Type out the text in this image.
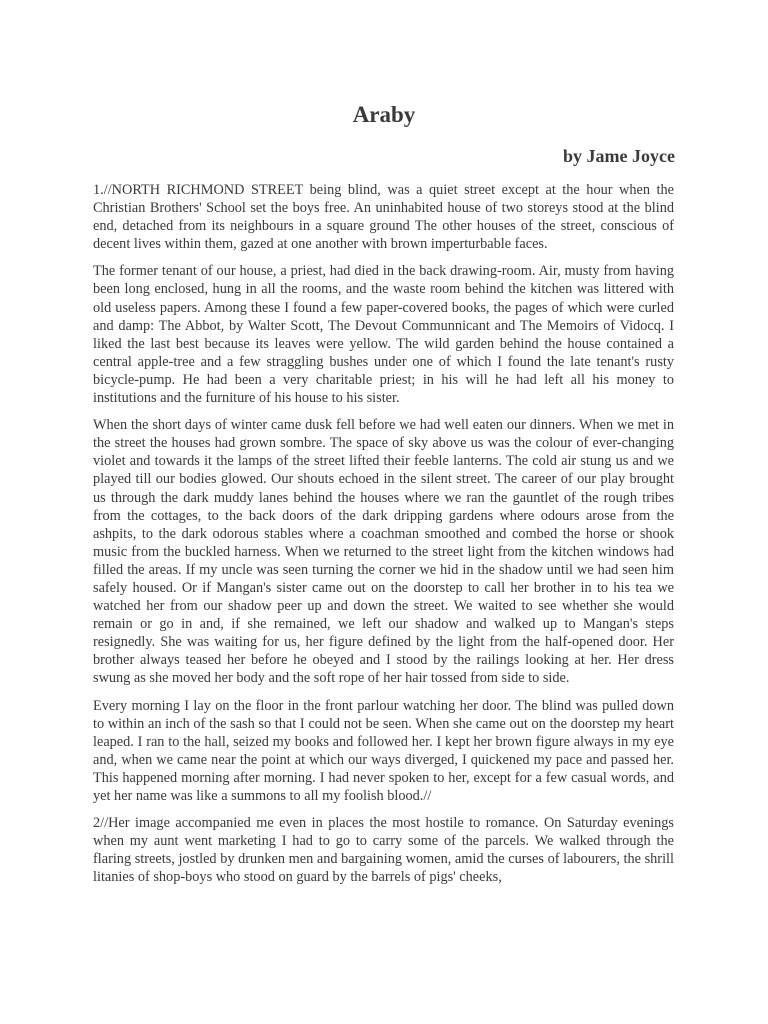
Araby
by Jame Joyce

1.//NORTH RICHMOND STREET being blind, was a quiet street except at the hour when the Christian Brothers' School set the boys free. An uninhabited house of two storeys stood at the blind end, detached from its neighbours in a square ground The other houses of the street, conscious of decent lives within them, gazed at one another with brown imperturbable faces.

The former tenant of our house, a priest, had died in the back drawing-room. Air, musty from having been long enclosed, hung in all the rooms, and the waste room behind the kitchen was littered with old useless papers. Among these I found a few paper-covered books, the pages of which were curled and damp: The Abbot, by Walter Scott, The Devout Communnicant and The Memoirs of Vidocq. I liked the last best because its leaves were yellow. The wild garden behind the house contained a central apple-tree and a few straggling bushes under one of which I found the late tenant's rusty bicycle-pump. He had been a very charitable priest; in his will he had left all his money to institutions and the furniture of his house to his sister.

When the short days of winter came dusk fell before we had well eaten our dinners. When we met in the street the houses had grown sombre. The space of sky above us was the colour of ever-changing violet and towards it the lamps of the street lifted their feeble lanterns. The cold air stung us and we played till our bodies glowed. Our shouts echoed in the silent street. The career of our play brought us through the dark muddy lanes behind the houses where we ran the gauntlet of the rough tribes from the cottages, to the back doors of the dark dripping gardens where odours arose from the ashpits, to the dark odorous stables where a coachman smoothed and combed the horse or shook music from the buckled harness. When we returned to the street light from the kitchen windows had filled the areas. If my uncle was seen turning the corner we hid in the shadow until we had seen him safely housed. Or if Mangan's sister came out on the doorstep to call her brother in to his tea we watched her from our shadow peer up and down the street. We waited to see whether she would remain or go in and, if she remained, we left our shadow and walked up to Mangan's steps resignedly. She was waiting for us, her figure defined by the light from the half-opened door. Her brother always teased her before he obeyed and I stood by the railings looking at her. Her dress swung as she moved her body and the soft rope of her hair tossed from side to side.

Every morning I lay on the floor in the front parlour watching her door. The blind was pulled down to within an inch of the sash so that I could not be seen. When she came out on the doorstep my heart leaped. I ran to the hall, seized my books and followed her. I kept her brown figure always in my eye and, when we came near the point at which our ways diverged, I quickened my pace and passed her. This happened morning after morning. I had never spoken to her, except for a few casual words, and yet her name was like a summons to all my foolish blood.//

2//Her image accompanied me even in places the most hostile to romance. On Saturday evenings when my aunt went marketing I had to go to carry some of the parcels. We walked through the flaring streets, jostled by drunken men and bargaining women, amid the curses of labourers, the shrill litanies of shop-boys who stood on guard by the barrels of pigs' cheeks,
